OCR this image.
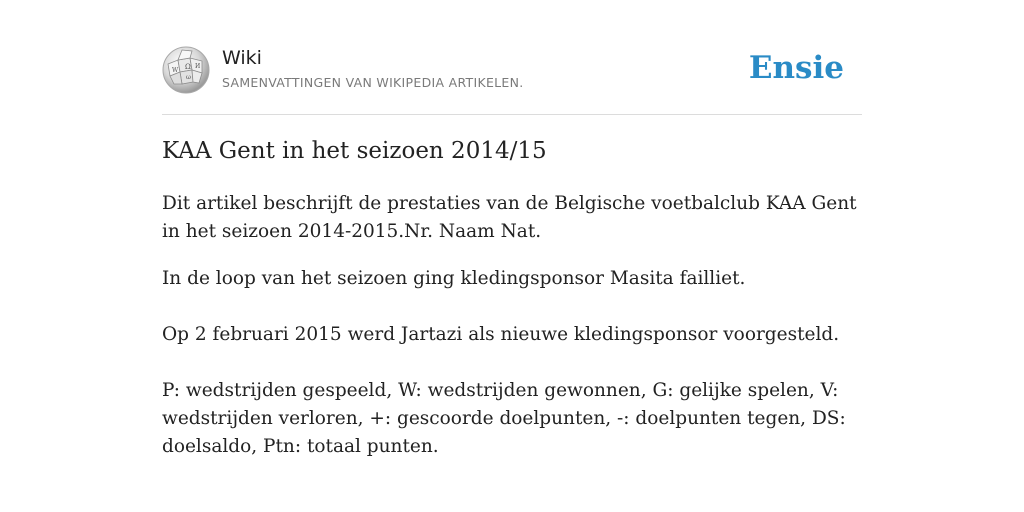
Ω
W
И
ω
Wiki
SAMENVATTINGEN VAN WIKIPEDIA ARTIKELEN.	Ensie
KAA Gent in het seizoen 2014/15

Dit artikel beschrijft de prestaties van de Belgische voetbalclub KAA Gent in het seizoen 2014-2015.Nr. Naam Nat.

In de loop van het seizoen ging kledingsponsor Masita failliet.

Op 2 februari 2015 werd Jartazi als nieuwe kledingsponsor voorgesteld.

P: wedstrijden gespeeld, W: wedstrijden gewonnen, G: gelijke spelen, V: wedstrijden verloren, +: gescoorde doelpunten, -: doelpunten tegen, DS: doelsaldo, Ptn: totaal punten.
